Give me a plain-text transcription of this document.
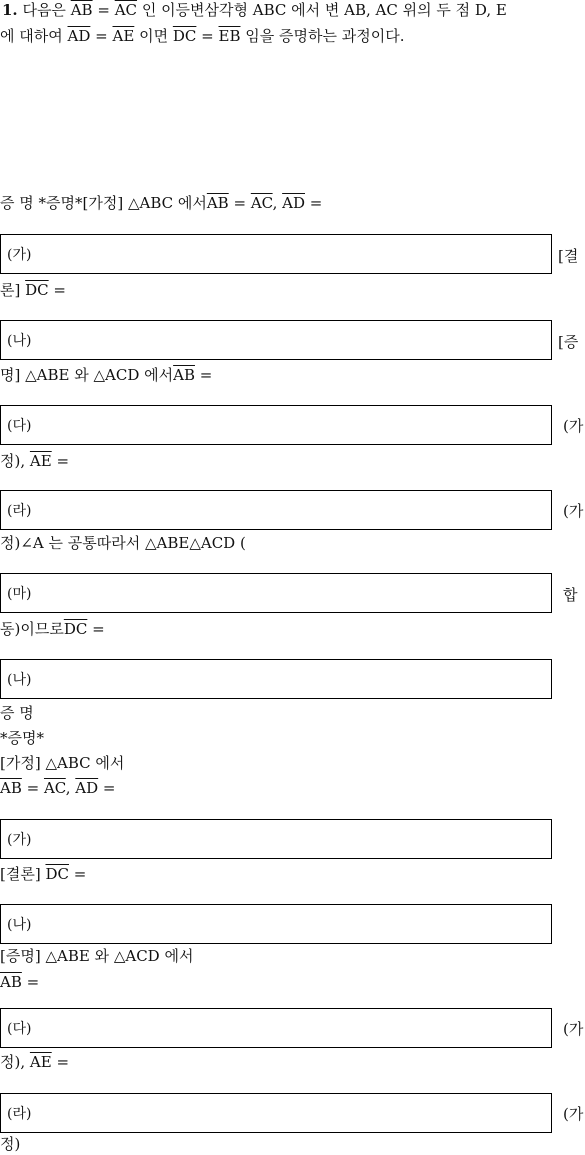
1. 다음은 $\overline{AB} = \overline{AC}$ 인 이등변삼각형 ABC 에서 변 AB, AC 위의 두 점 D, E
에 대하여 $\overline{AD} = \overline{AE}$ 이면 $\overline{DC} = \overline{EB}$ 임을 증명하는 과정이다.
증 명 *증명*[가정] △ABC 에서$\overline{AB} = \overline{AC}$, $\overline{AD}$ =
(가)	[결
론] $\overline{DC}$ =
(나)	[증
명] △ABE 와 △ACD 에서$\overline{AB}$ =
(다)	(가
정), $\overline{AE}$ =
(라)	(가
정)∠A 는 공통따라서 △ABE△ACD (
(마)	합
동)이므로$\overline{DC}$ =
(나)
증 명
*증명*
[가정] △ABC 에서
$\overline{AB} = \overline{AC}$, $\overline{AD}$ =
(가)
[결론] $\overline{DC}$ =
(나)
[증명] △ABE 와 △ACD 에서
$\overline{AB}$ =
(다)	(가
정), $\overline{AE}$ =
(라)	(가
정)
